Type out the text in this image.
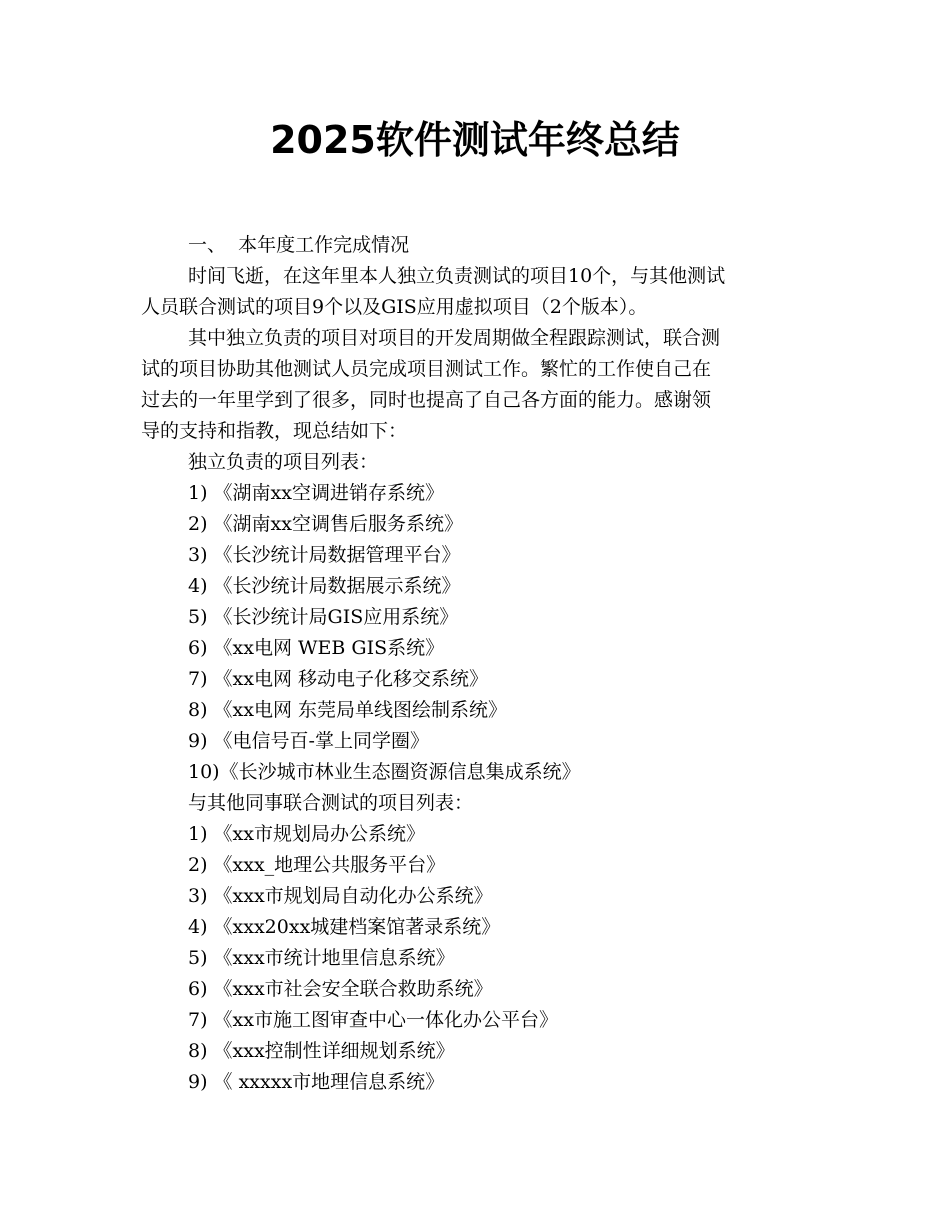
2025软件测试年终总结
一、  本年度工作完成情况
时间飞逝，在这年里本人独立负责测试的项目10个，与其他测试
人员联合测试的项目9个以及GIS应用虚拟项目（2个版本）。
其中独立负责的项目对项目的开发周期做全程跟踪测试，联合测
试的项目协助其他测试人员完成项目测试工作。繁忙的工作使自己在
过去的一年里学到了很多，同时也提高了自己各方面的能力。感谢领
导的支持和指教，现总结如下：
独立负责的项目列表：
1) 《湖南xx空调进销存系统》
2) 《湖南xx空调售后服务系统》
3) 《长沙统计局数据管理平台》
4) 《长沙统计局数据展示系统》
5) 《长沙统计局GIS应用系统》
6) 《xx电网 WEB GIS系统》
7) 《xx电网 移动电子化移交系统》
8) 《xx电网 东莞局单线图绘制系统》
9) 《电信号百-掌上同学圈》
10)《长沙城市林业生态圈资源信息集成系统》
与其他同事联合测试的项目列表：
1) 《xx市规划局办公系统》
2) 《xxx_地理公共服务平台》
3) 《xxx市规划局自动化办公系统》
4) 《xxx20xx城建档案馆著录系统》
5) 《xxx市统计地里信息系统》
6) 《xxx市社会安全联合救助系统》
7) 《xx市施工图审查中心一体化办公平台》
8) 《xxx控制性详细规划系统》
9) 《 xxxxx市地理信息系统》
